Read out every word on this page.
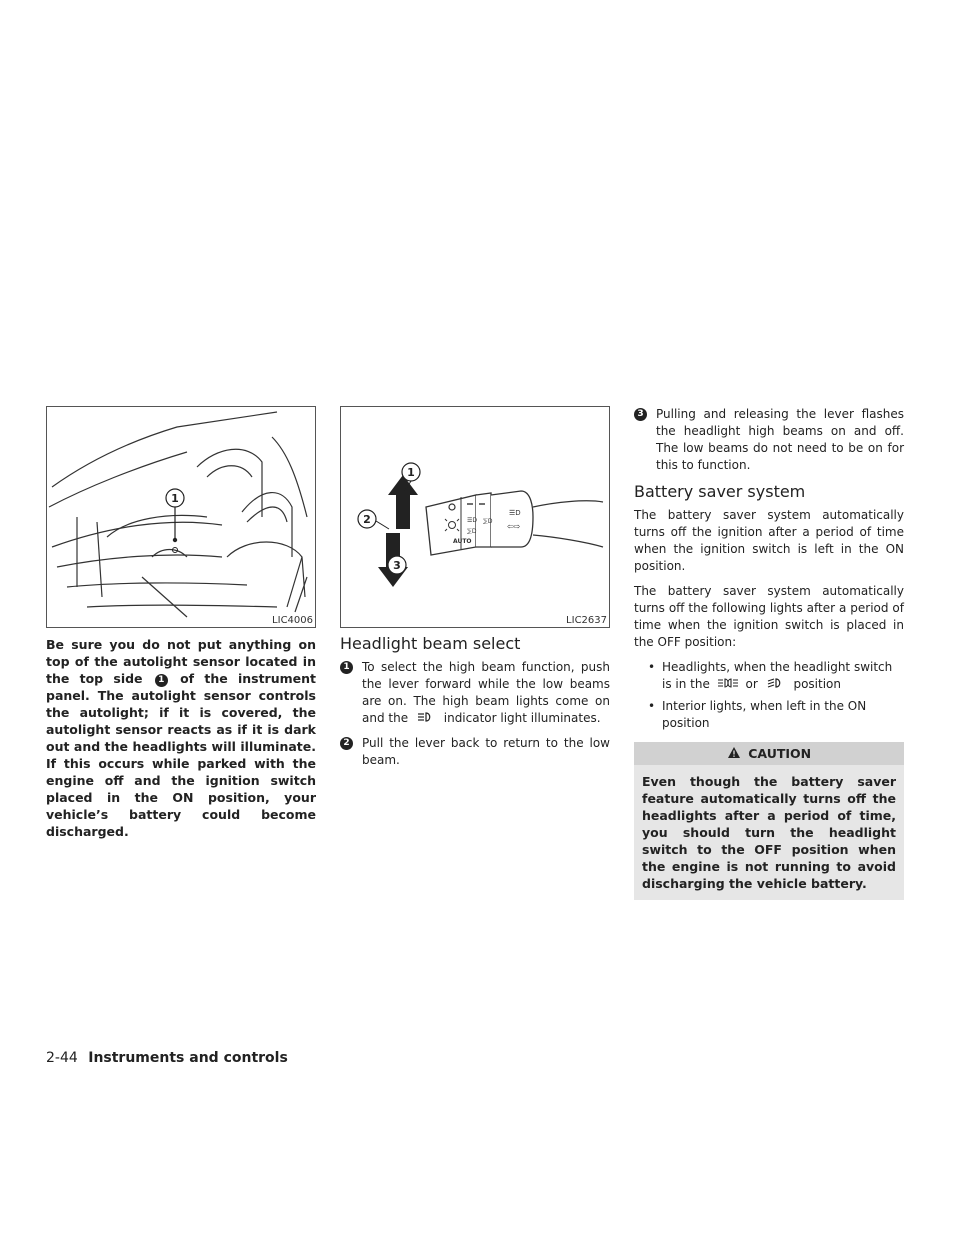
1
LIC4006

Be sure you do not put anything on top of the autolight sensor located in the top side 1 of the instrument panel. The autolight sensor controls the autolight; if it is covered, the autolight sensor reacts as if it is dark out and the headlights will illuminate. If this occurs while parked with the engine off and the ignition switch placed in the ON position, your vehicle’s battery could become discharged.

☰D
⅀D
⅀D
☰D
⇦⇨
AUTO
1
2
3
LIC2637
Headlight beam select
1 To select the high beam function, push the lever forward while the low beams are on. The high beam lights come on and the	indicator light illuminates.
2 Pull the lever back to return to the low beam.
3 Pulling and releasing the lever flashes the headlight high beams on and off. The low beams do not need to be on for this to function.
Battery saver system

The battery saver system automatically turns off the ignition after a period of time when the ignition switch is left in the ON position.

The battery saver system automatically turns off the following lights after a period of time when the ignition switch is placed in the OFF position:

• Headlights, when the headlight switch is in the	or	position
• Interior lights, when left in the ON position
CAUTION
Even though the battery saver feature automatically turns off the headlights after a period of time, you should turn the headlight switch to the OFF position when the engine is not running to avoid discharging the vehicle battery.
2-44 Instruments and controls
